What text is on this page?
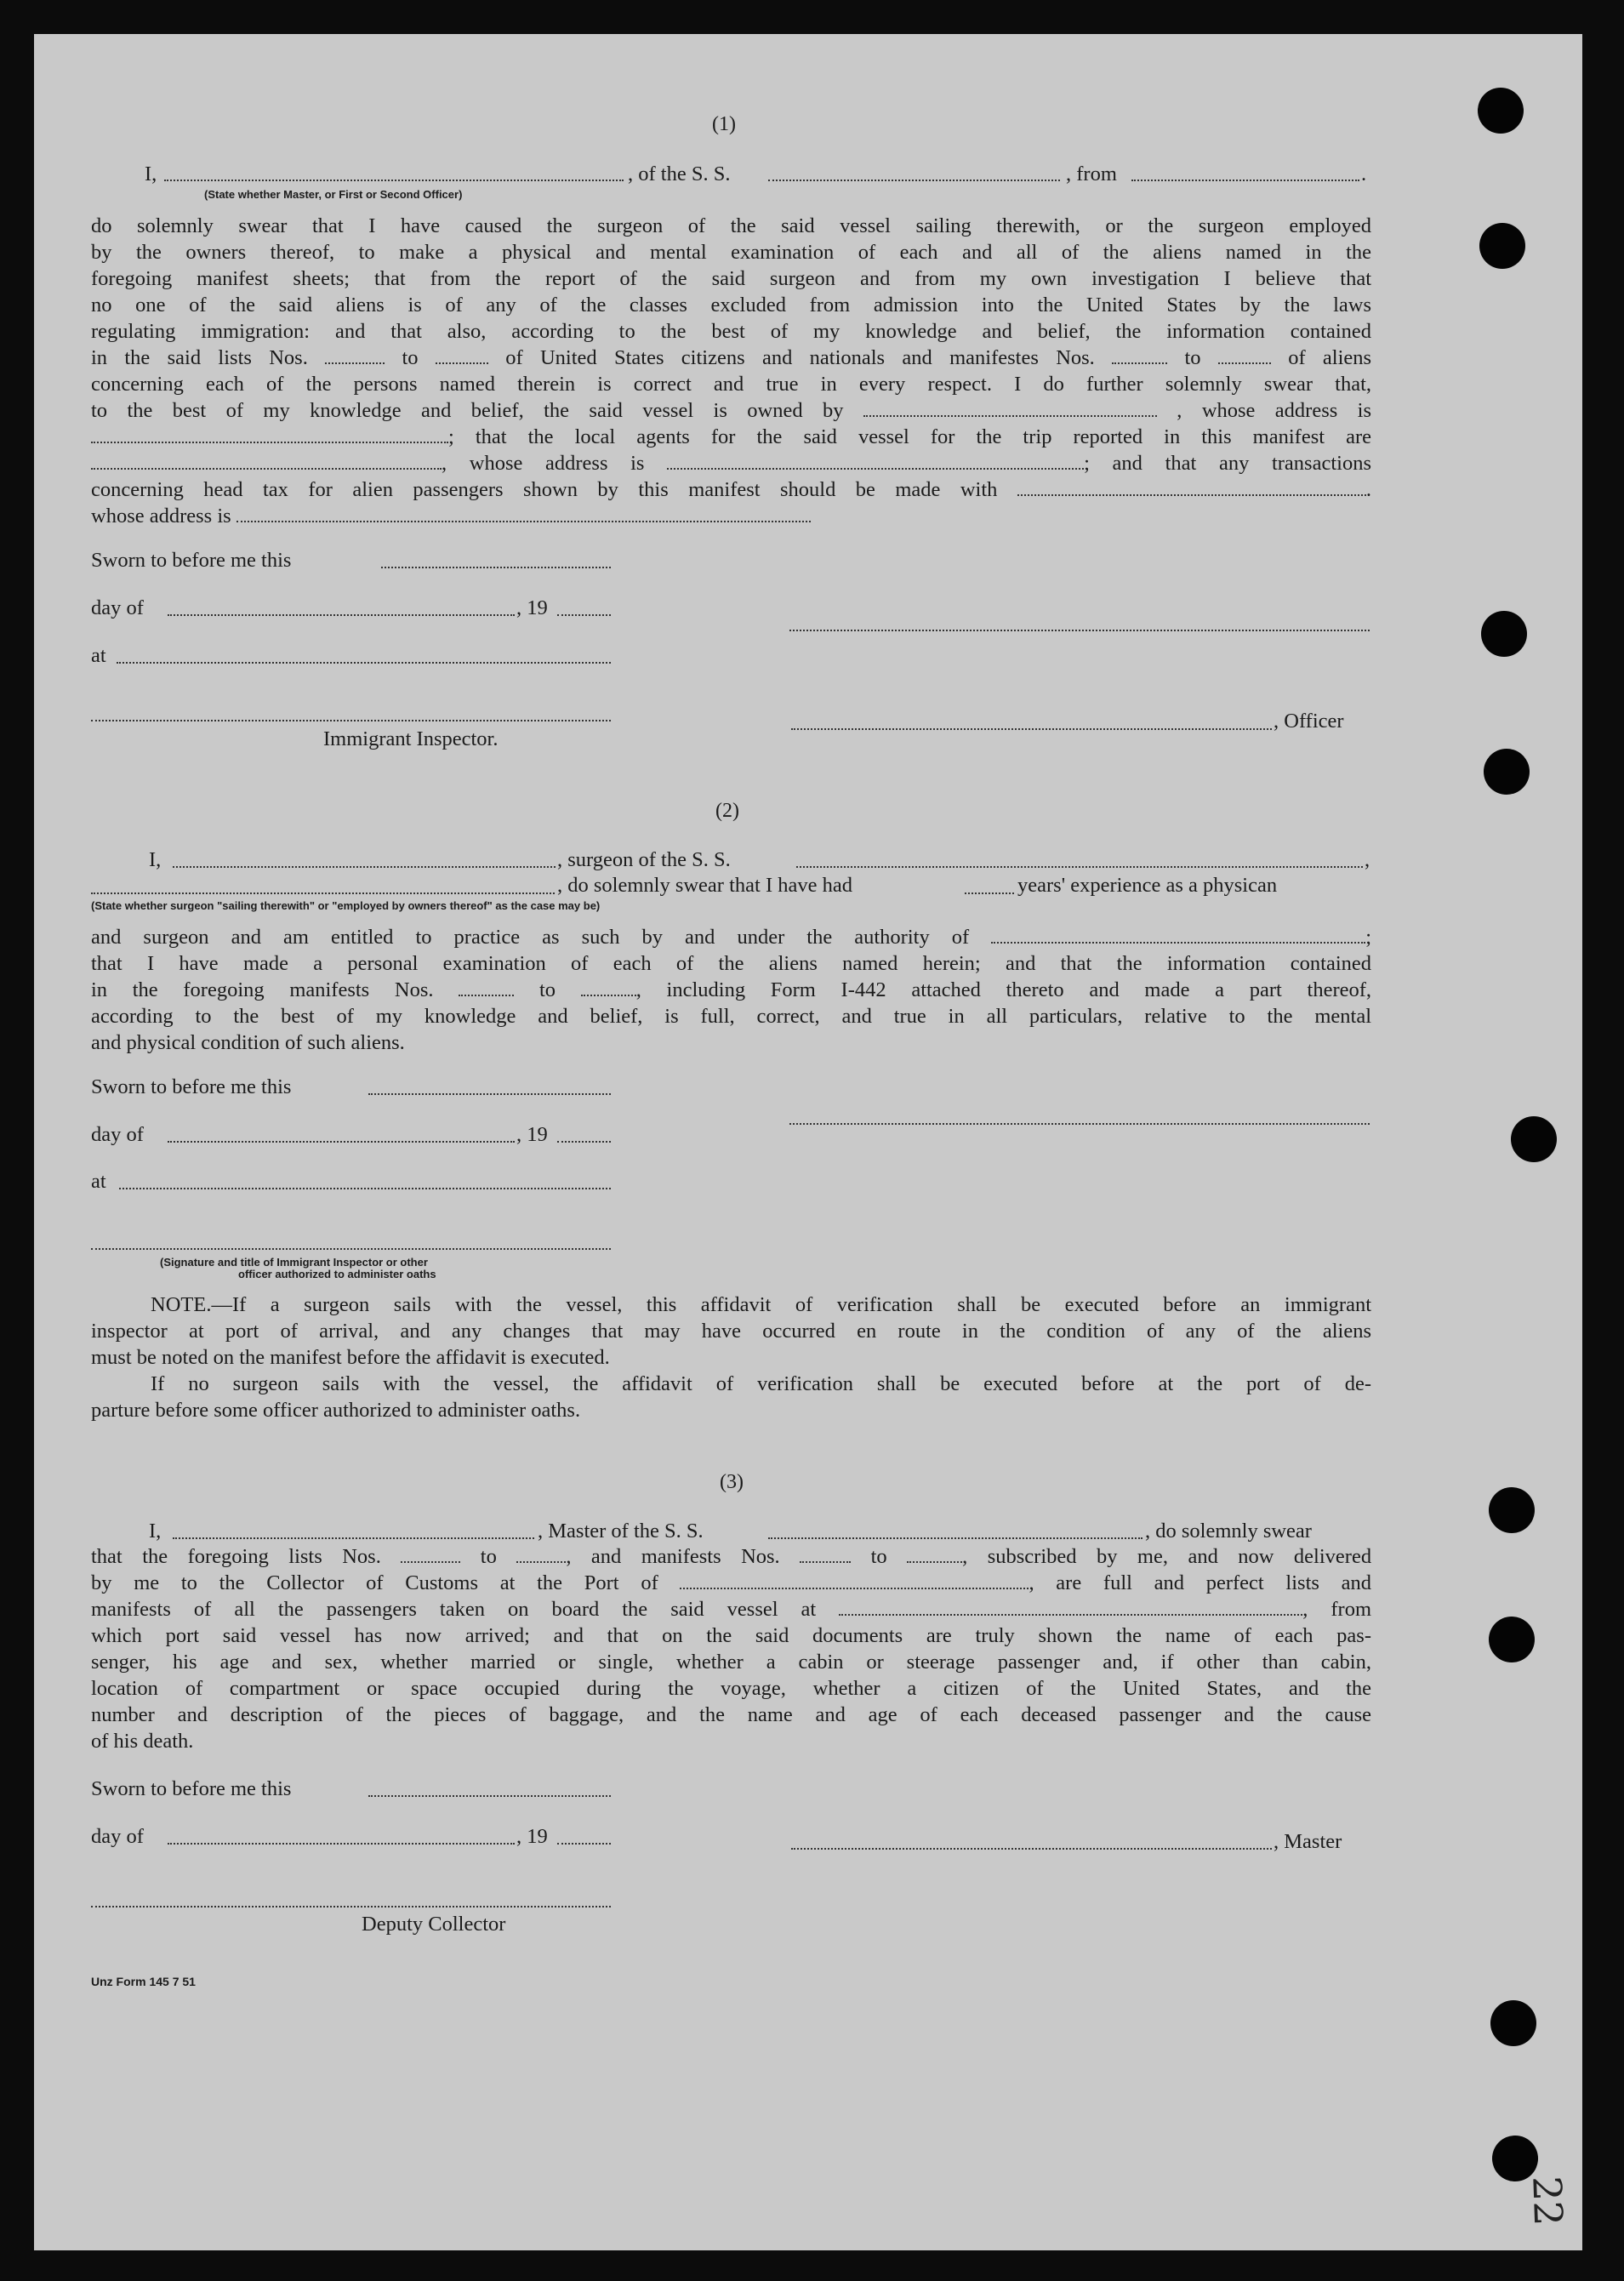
(1)
I,	, of the S. S.	, from	.
(State whether Master, or First or Second Officer)
do solemnly swear that I have caused the surgeon of the said vessel sailing therewith, or the surgeon employed
by the owners thereof, to make a physical and mental examination of each and all of the aliens named in the
foregoing manifest sheets; that from the report of the said surgeon and from my own investigation I believe that
no one of the said aliens is of any of the classes excluded from admission into the United States by the laws
regulating immigration: and that also, according to the best of my knowledge and belief, the information contained
in the said lists Nos.	to	of United States citizens and nationals and manifestes Nos.	to	of aliens
concerning each of the persons named therein is correct and true in every respect. I do further solemnly swear that,
to the best of my knowledge and belief, the said vessel is owned by	, whose address is
; that the local agents for the said vessel for the trip reported in this manifest are
, whose address is	; and that any transactions
concerning head tax for alien passengers shown by this manifest should be made with	.
whose address is
Sworn to before me this
day of	, 19
at
, Officer
Immigrant Inspector.
(2)
I,	, surgeon of the S. S.	,
, do solemnly swear that I have had	years' experience as a physican
(State whether surgeon "sailing therewith" or "employed by owners thereof" as the case may be)
and surgeon and am entitled to practice as such by and under the authority of	;
that I have made a personal examination of each of the aliens named herein; and that the information contained
in the foregoing manifests Nos.	to	, including Form I-442 attached thereto and made a part thereof,
according to the best of my knowledge and belief, is full, correct, and true in all particulars, relative to the mental
and physical condition of such aliens.
Sworn to before me this
day of	, 19
at
(Signature and title of Immigrant Inspector or other
officer authorized to administer oaths
NOTE.—If a surgeon sails with the vessel, this affidavit of verification shall be executed before an immigrant
inspector at port of arrival, and any changes that may have occurred en route in the condition of any of the aliens
must be noted on the manifest before the affidavit is executed.
If no surgeon sails with the vessel, the affidavit of verification shall be executed before at the port of de-
parture before some officer authorized to administer oaths.
(3)
I,	, Master of the S. S.	, do solemnly swear
that the foregoing lists Nos.	to	, and manifests Nos.	to	, subscribed by me, and now delivered
by me to the Collector of Customs at the Port of	, are full and perfect lists and
manifests of all the passengers taken on board the said vessel at	, from
which port said vessel has now arrived; and that on the said documents are truly shown the name of each pas-
senger, his age and sex, whether married or single, whether a cabin or steerage passenger and, if other than cabin,
location of compartment or space occupied during the voyage, whether a citizen of the United States, and the
number and description of the pieces of baggage, and the name and age of each deceased passenger and the cause
of his death.
Sworn to before me this
day of	, 19	, Master
Deputy Collector
Unz Form 145 7 51
22
